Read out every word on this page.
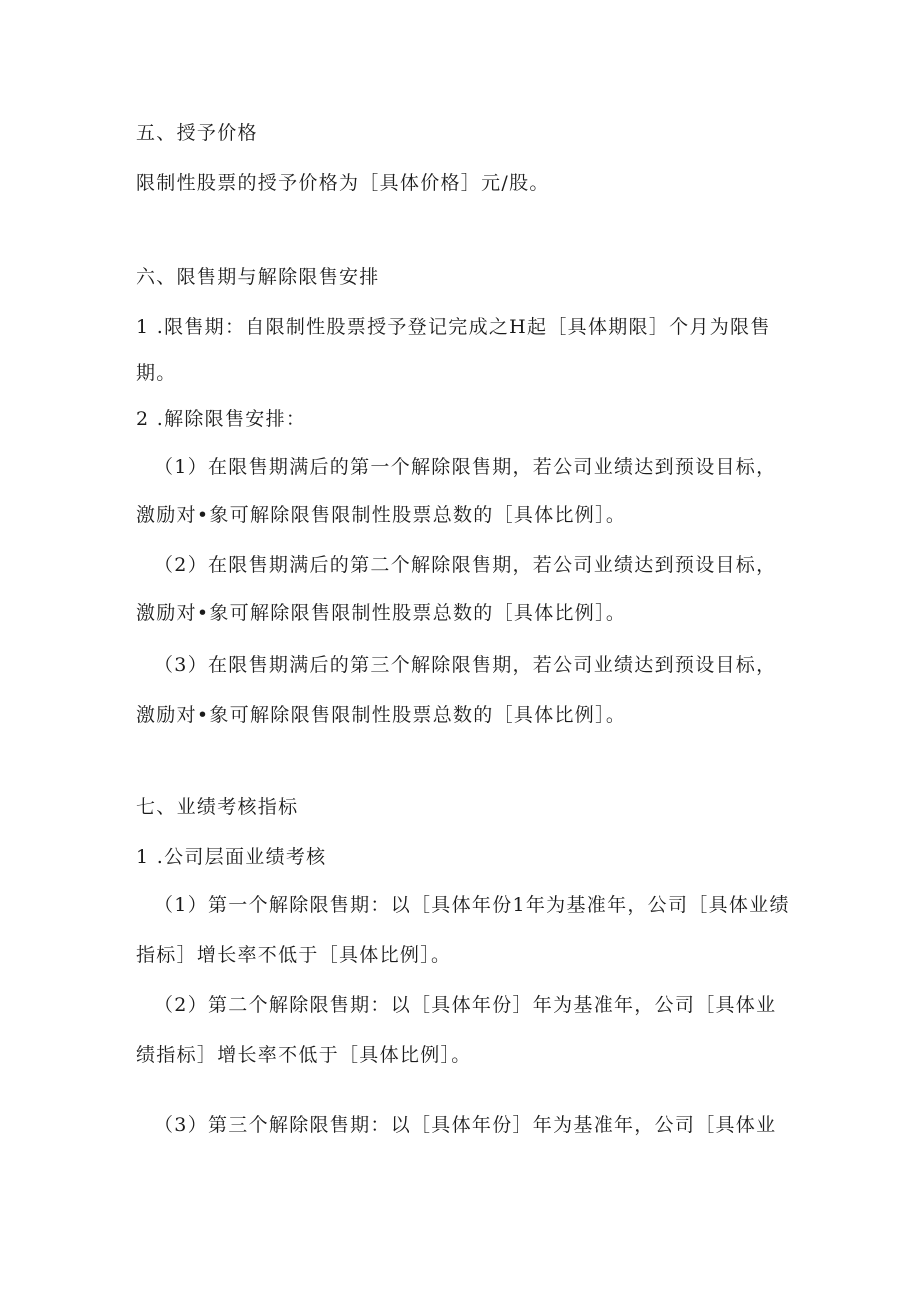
五、授予价格

限制性股票的授予价格为［具体价格］元/股。

六、限售期与解除限售安排

1 .限售期：自限制性股票授予登记完成之H起［具体期限］个月为限售

期。

2 .解除限售安排：

（1）在限售期满后的第一个解除限售期，若公司业绩达到预设目标，

激励对•象可解除限售限制性股票总数的［具体比例］。

（2）在限售期满后的第二个解除限售期，若公司业绩达到预设目标，

激励对•象可解除限售限制性股票总数的［具体比例］。

（3）在限售期满后的第三个解除限售期，若公司业绩达到预设目标，

激励对•象可解除限售限制性股票总数的［具体比例］。

七、业绩考核指标

1 .公司层面业绩考核

（1）第一个解除限售期：以［具体年份1年为基准年，公司［具体业绩

指标］增长率不低于［具体比例］。

（2）第二个解除限售期：以［具体年份］年为基准年，公司［具体业

绩指标］增长率不低于［具体比例］。

（3）第三个解除限售期：以［具体年份］年为基准年，公司［具体业
